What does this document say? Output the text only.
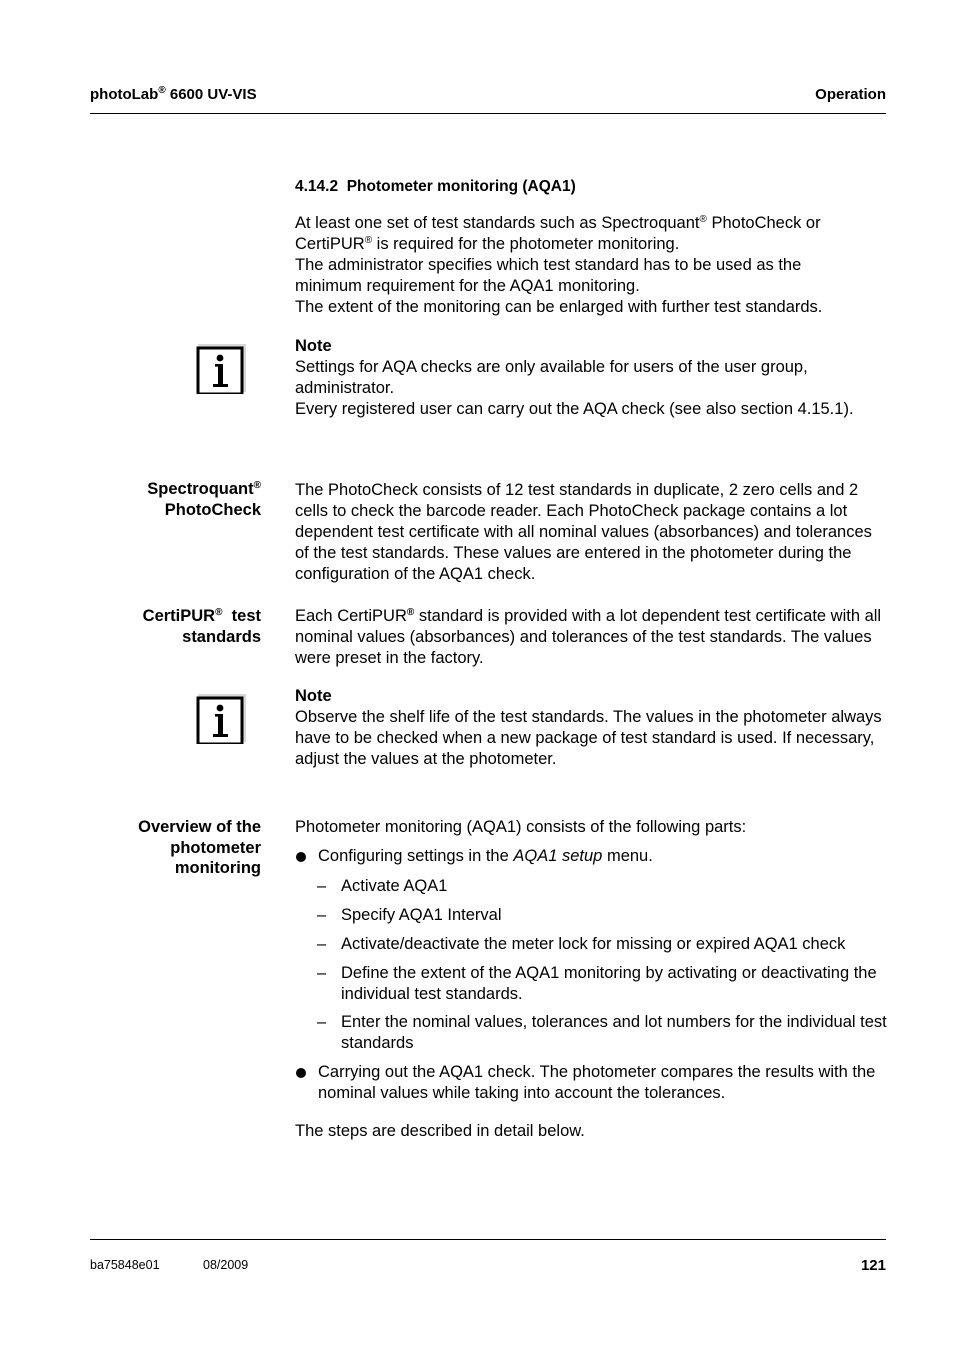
photoLab® 6600 UV-VIS	Operation
4.14.2  Photometer monitoring (AQA1)
At least one set of test standards such as Spectroquant® PhotoCheck or
CertiPUR® is required for the photometer monitoring.
The administrator specifies which test standard has to be used as the minimum requirement for the AQA1 monitoring.
The extent of the monitoring can be enlarged with further test standards.
Note
Settings for AQA checks are only available for users of the user group, administrator.
Every registered user can carry out the AQA check (see also section 4.15.1).
Spectroquant®
PhotoCheck
The PhotoCheck consists of 12 test standards in duplicate, 2 zero cells and 2 cells to check the barcode reader. Each PhotoCheck package contains a lot dependent test certificate with all nominal values (absorbances) and tolerances of the test standards. These values are entered in the photometer during the configuration of the AQA1 check.
CertiPUR®  test
standards
Each CertiPUR® standard is provided with a lot dependent test certificate with all nominal values (absorbances) and tolerances of the test standards. The values were preset in the factory.
Note
Observe the shelf life of the test standards. The values in the photometer always have to be checked when a new package of test standard is used. If necessary, adjust the values at the photometer.
Overview of the
photometer
monitoring
Photometer monitoring (AQA1) consists of the following parts:
Configuring settings in the AQA1 setup menu.
– Activate AQA1
– Specify AQA1 Interval
– Activate/deactivate the meter lock for missing or expired AQA1 check
– Define the extent of the AQA1 monitoring by activating or deactivating the individual test standards.
– Enter the nominal values, tolerances and lot numbers for the individual test standards
Carrying out the AQA1 check. The photometer compares the results with the nominal values while taking into account the tolerances.
The steps are described in detail below.
ba75848e01	08/2009	121
